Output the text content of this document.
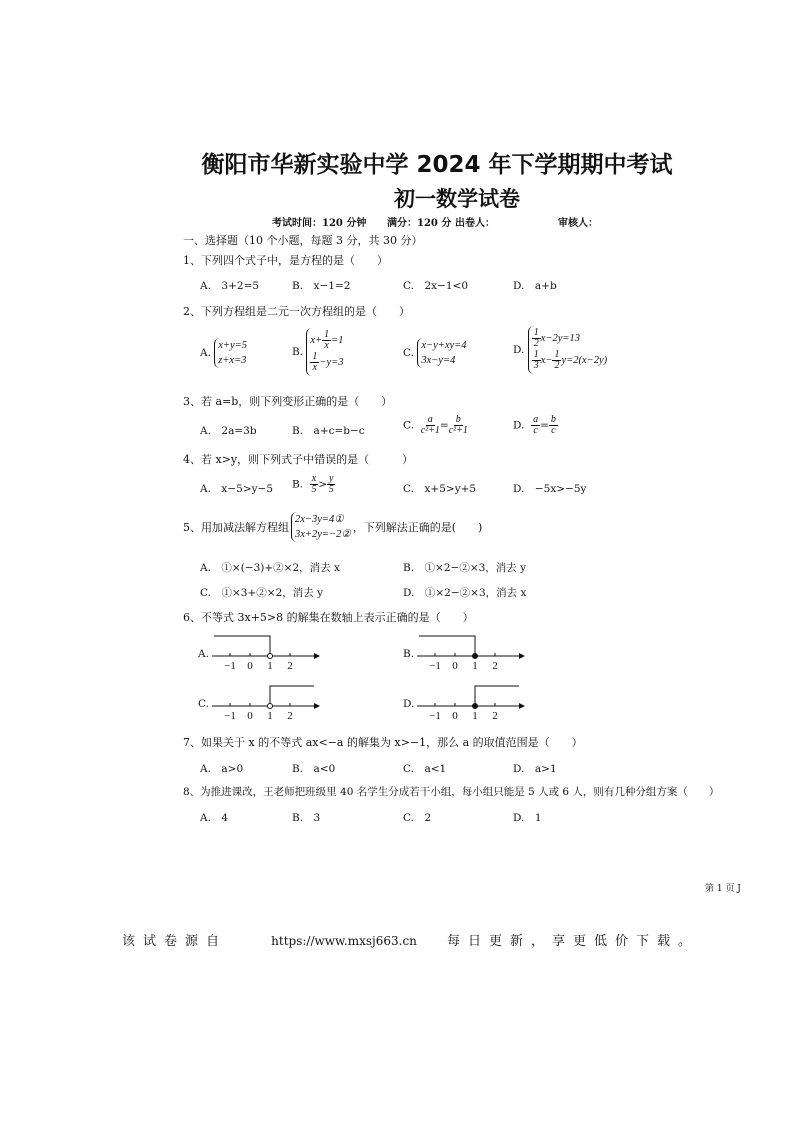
衡阳市华新实验中学 2024 年下学期期中考试
初一数学试卷
考试时间：120 分钟 满分：120 分 出卷人：	审核人：
一、选择题（10 个小题，每题 3 分，共 30 分）
1、下列四个式子中，是方程的是（　　）
A.　3+2=5	B.　x−1=2	C.　2x−1<0	D.　a+b
2、下列方程组是二元一次方程组的是（　　）
A.

x+y=5
z+x=3
B.

$x+ \frac{1}{x} =1$
$\frac{1}{x} -y=3$
C.

x−y+xy=4
3x−y=4
D.

$\frac{1}{2} x-2y=13$
$\frac{1}{3} x- \frac{1}{2} y=2(x-2y)$
3、若 a=b，则下列变形正确的是（　　）
A.　2a=3b	B.　a+c=b−c	C. $\frac{a}{\text{c²+1}} = \frac{b}{\text{c²+1}}$	D. $\frac{a}{c} = \frac{b}{c}$
4、若 x>y，则下列式子中错误的是（　　　）
A.　x−5>y−5 B. $\frac{x}{5} > \frac{y}{5}$	C.　x+5>y+5	D.　−5x>−5y
5、用加减法解方程组
2x−3y=4①
3x+2y=−2②
，下列解法正确的是(　　)
A.　①×(−3)+②×2，消去 x	B.　①×2−②×3，消去 y
C.　①×3+②×2，消去 y	D.　①×2−②×3，消去 x
6、不等式 3x+5>8 的解集在数轴上表示正确的是（　　）
A.	B.
C.	D.
−1 0 1 2	−1 0 1 2
−1 0 1 2	−1 0 1 2
7、如果关于 x 的不等式 ax<−a 的解集为 x>−1，那么 a 的取值范围是（　　）
A.　a>0	B.　a<0	C.　a<1	D.　a>1
8、为推进课改，王老师把班级里 40 名学生分成若干小组，每小组只能是 5 人或 6 人，则有几种分组方案（　　）
A.　4	B.　3	C.　2	D.　1
第 1 页 J
该试卷源自	https://www.mxsj663.cn 每日更新，享更低价下载。
